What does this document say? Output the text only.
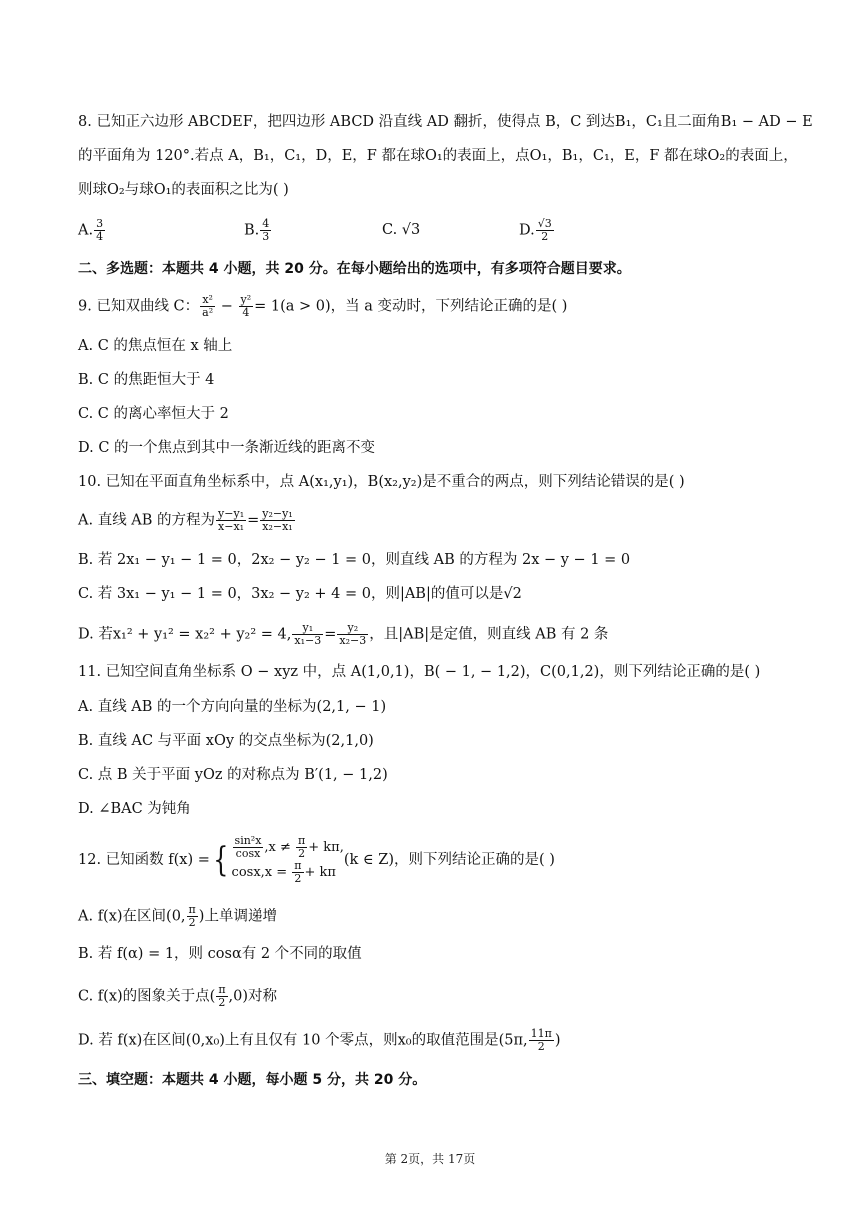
8. 已知正六边形 ABCDEF，把四边形 ABCD 沿直线 AD 翻折，使得点 B，C 到达B₁，C₁且二面角B₁ − AD − E
的平面角为 120°.若点 A，B₁，C₁，D，E，F 都在球O₁的表面上，点O₁，B₁，C₁，E，F 都在球O₂的表面上，
则球O₂与球O₁的表面积之比为( )
A. $\frac{3}{4}$	B. $\frac{4}{3}$	C. √3	D. $\frac{√3}{2}$
二、多选题：本题共 4 小题，共 20 分。在每小题给出的选项中，有多项符合题目要求。
9. 已知双曲线 C： $\frac{\text{x²}}{\text{a²}} - \frac{\text{y²}}{4} = 1(a > 0)$，当 a 变动时，下列结论正确的是( )
A. C 的焦点恒在 x 轴上
B. C 的焦距恒大于 4
C. C 的离心率恒大于 2
D. C 的一个焦点到其中一条渐近线的距离不变
10. 已知在平面直角坐标系中，点 A(x₁,y₁)，B(x₂,y₂)是不重合的两点，则下列结论错误的是( )
A. 直线 AB 的方程为 $\frac{\text{y−y₁}}{\text{x−x₁}} = \frac{\text{y₂−y₁}}{\text{x₂−x₁}}$
B. 若 2x₁ − y₁ − 1 = 0，2x₂ − y₂ − 1 = 0，则直线 AB 的方程为 2x − y − 1 = 0
C. 若 3x₁ − y₁ − 1 = 0，3x₂ − y₂ + 4 = 0，则|AB|的值可以是√2
D. 若x₁² + y₁² = x₂² + y₂² = 4, $\frac{\text{y₁}}{\text{x₁−3}} = \frac{\text{y₂}}{\text{x₂−3}}$ ，且|AB|是定值，则直线 AB 有 2 条
11. 已知空间直角坐标系 O − xyz 中，点 A(1,0,1)，B( − 1, − 1,2)，C(0,1,2)，则下列结论正确的是( )
A. 直线 AB 的一个方向向量的坐标为(2,1, − 1)
B. 直线 AC 与平面 xOy 的交点坐标为(2,1,0)
C. 点 B 关于平面 yOz 的对称点为 B′(1, − 1,2)
D. ∠BAC 为钝角
12. 已知函数 f(x) ={ $\frac{\text{sin²x}}{\cos x} ,x \ne \frac{\pi}{2} + k\pi$,
$\cos x,x = \frac{\pi}{2} + k\pi$
(k ∈ Z)，则下列结论正确的是( )
A. f(x)在区间(0, $\frac{\pi}{2}$ )上单调递增
B. 若 f(α) = 1，则 cosα有 2 个不同的取值
C. f(x)的图象关于点( $\frac{\pi}{2} ,0$)对称
D. 若 f(x)在区间(0,x₀)上有且仅有 10 个零点，则x₀的取值范围是(5π, $\frac{11\pi}{2}$ )
三、填空题：本题共 4 小题，每小题 5 分，共 20 分。
第 2页，共 17页
